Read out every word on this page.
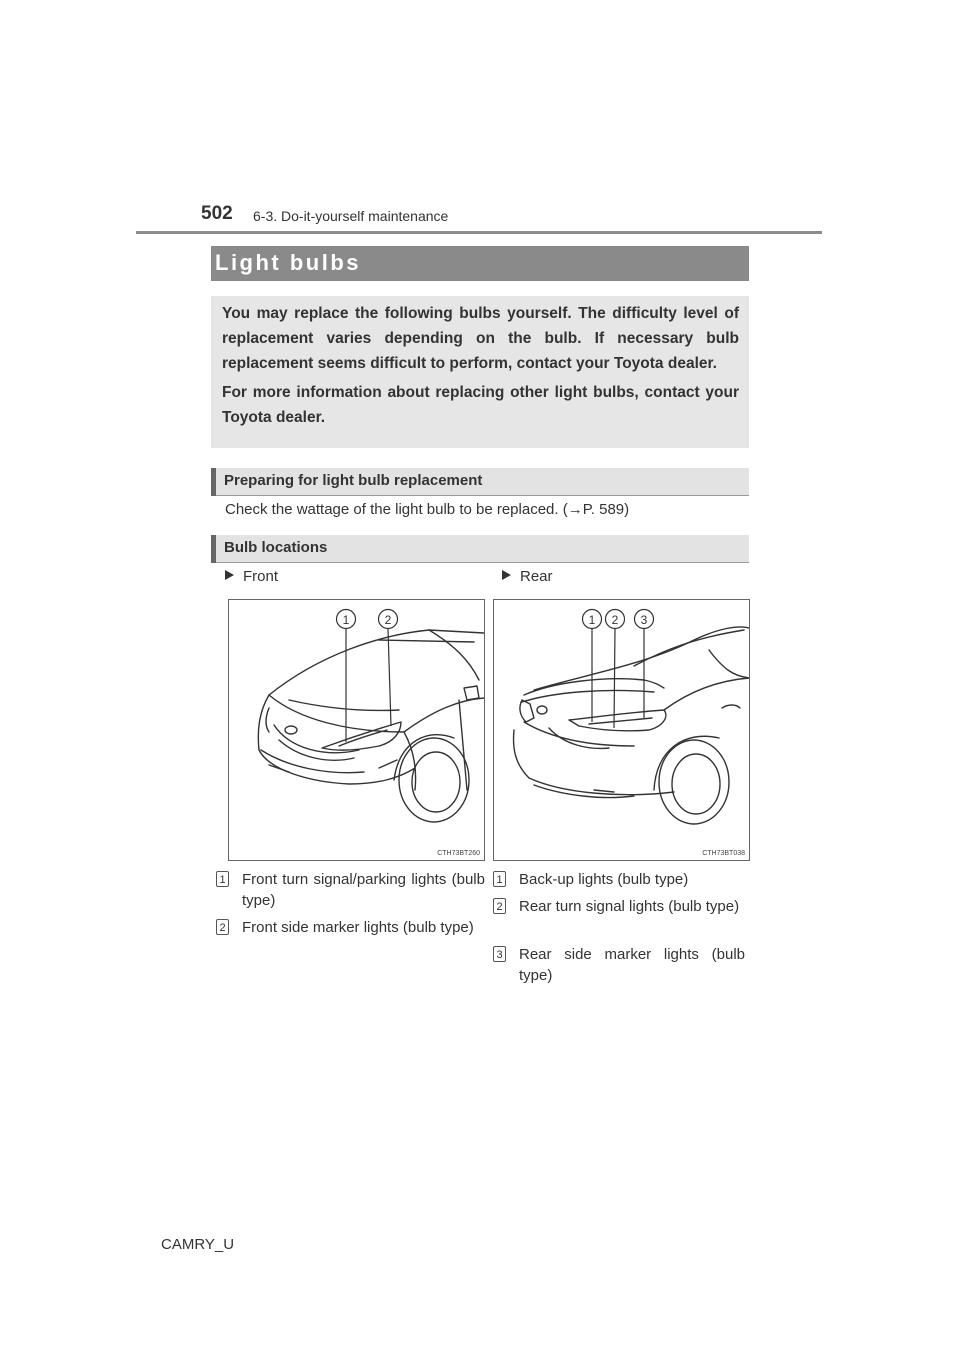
502 6-3. Do-it-yourself maintenance
Light bulbs

You may replace the following bulbs yourself. The difficulty level of replacement varies depending on the bulb. If necessary bulb replacement seems difficult to perform, contact your Toyota dealer.

For more information about replacing other light bulbs, contact your Toyota dealer.

Preparing for light bulb replacement
Check the wattage of the light bulb to be replaced. (→P. 589)
Bulb locations
Front	Rear
1	2
CTH73BT260
1 2 3
CTH73BT038
1 Front turn signal/parking lights (bulb type)
2 Front side marker lights (bulb type)
1 Back-up lights (bulb type)
2 Rear turn signal lights (bulb type)
3 Rear side marker lights (bulb type)
CAMRY_U
